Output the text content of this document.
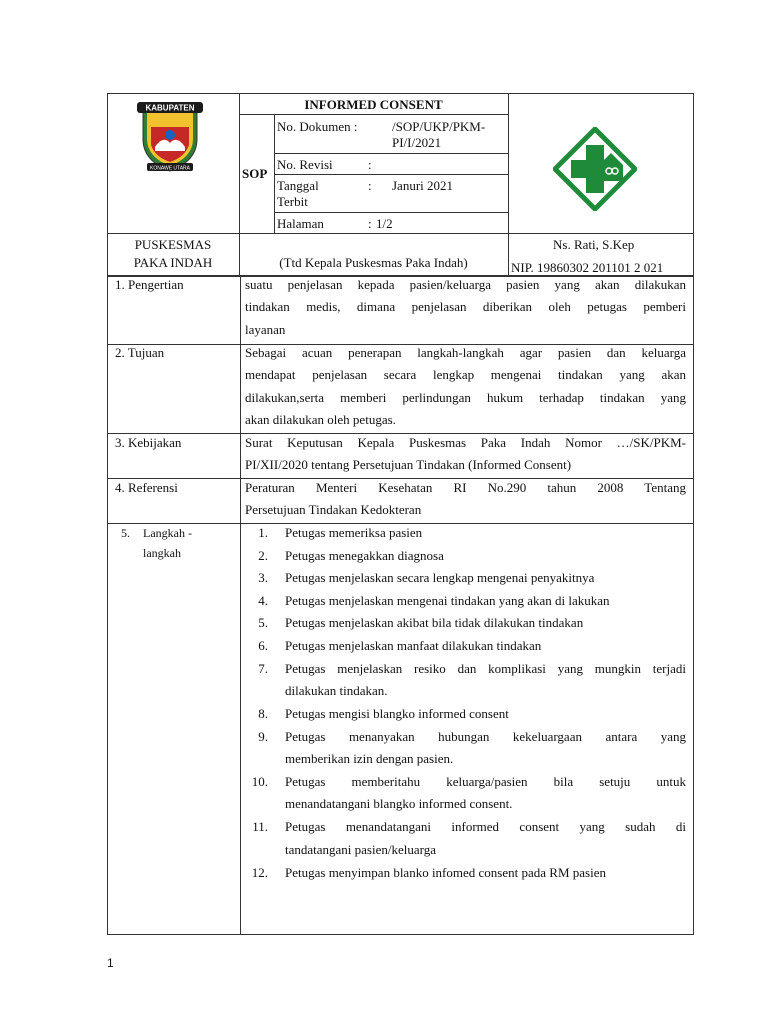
KABUPATEN
KONAWE UTARA
INFORMED CONSENT
SOP
No. Dokumen :	/SOP/UKP/PKM-
PI/I/2021
No. Revisi	:
Tanggal
Terbit
: Januri 2021
Halaman	: 1/2
PUSKESMAS
PAKA INDAH	(Ttd Kepala Puskesmas Paka Indah)
Ns. Rati, S.Kep
NIP. 19860302 201101 2 021
1. Pengertian	suatu penjelasan kepada pasien/keluarga pasien yang akan dilakukan
tindakan medis, dimana penjelasan diberikan oleh petugas pemberi
layanan
2. Tujuan	Sebagai acuan penerapan langkah-langkah agar pasien dan keluarga
mendapat penjelasan secara lengkap mengenai tindakan yang akan
dilakukan,serta memberi perlindungan hukum terhadap tindakan yang
akan dilakukan oleh petugas.
3. Kebijakan	Surat Keputusan Kepala Puskesmas Paka Indah Nomor …/SK/PKM-
PI/XII/2020 tentang Persetujuan Tindakan (Informed Consent)
4. Referensi	Peraturan Menteri Kesehatan RI No.290 tahun 2008 Tentang
Persetujuan Tindakan Kedokteran
5. Langkah -
langkah
1. Petugas memeriksa pasien
2. Petugas menegakkan diagnosa
3. Petugas menjelaskan secara lengkap mengenai penyakitnya
4. Petugas menjelaskan mengenai tindakan yang akan di lakukan
5. Petugas menjelaskan akibat bila tidak dilakukan tindakan
6. Petugas menjelaskan manfaat dilakukan tindakan
7. Petugas menjelaskan resiko dan komplikasi yang mungkin terjadi
dilakukan tindakan.
8. Petugas mengisi blangko informed consent
9. Petugas menanyakan hubungan kekeluargaan antara yang
memberikan izin dengan pasien.
10. Petugas memberitahu keluarga/pasien bila setuju untuk
menandatangani blangko informed consent.
11. Petugas menandatangani informed consent yang sudah di
tandatangani pasien/keluarga
12. Petugas menyimpan blanko infomed consent pada RM pasien
1
